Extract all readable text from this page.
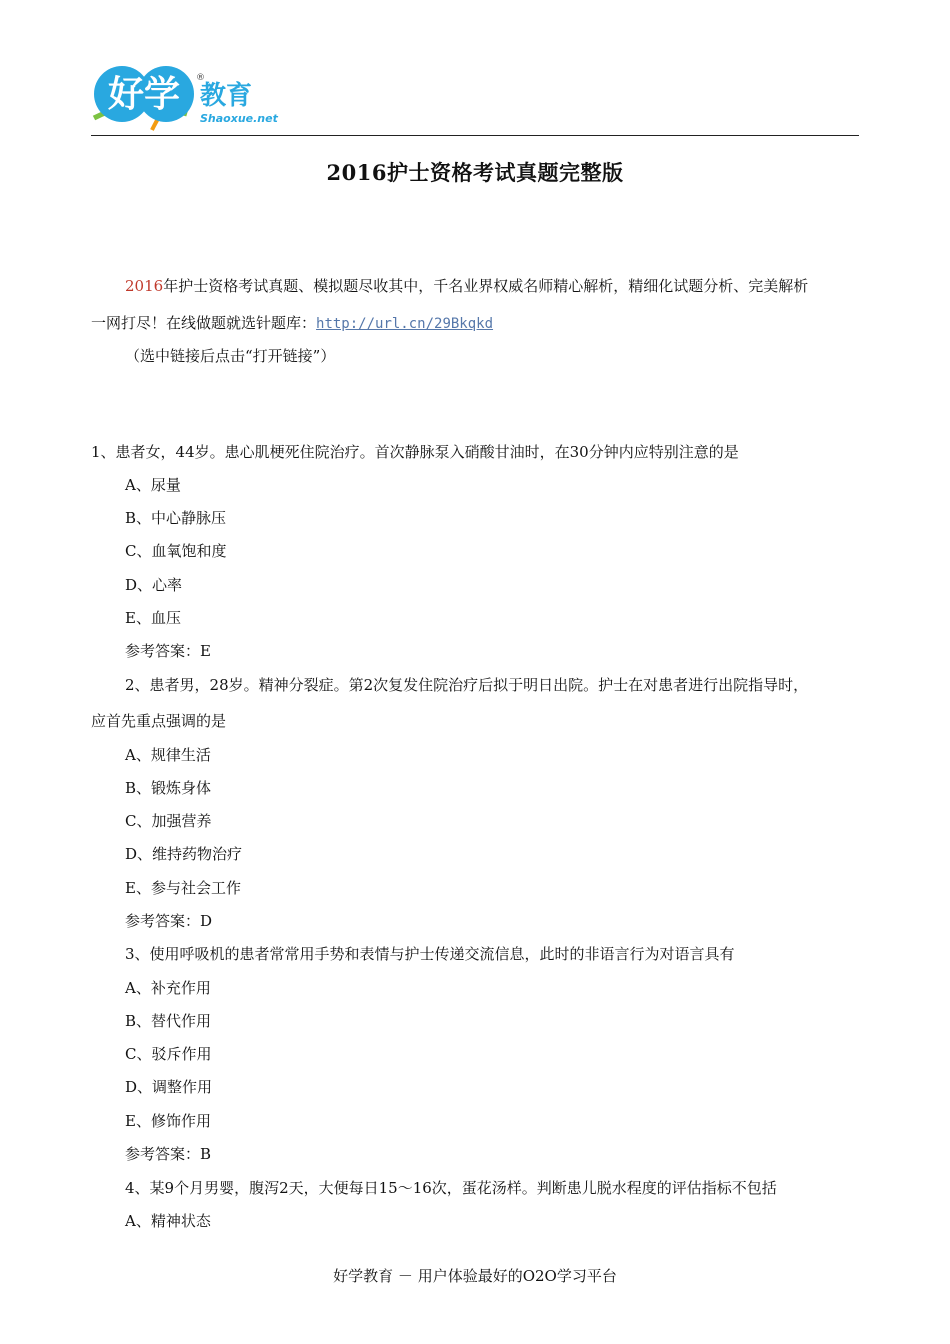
好学 ®
教育
Shaoxue.net
2016护士资格考试真题完整版
2016年护士资格考试真题、模拟题尽收其中，千名业界权威名师精心解析，精细化试题分析、完美解析
一网打尽！在线做题就选针题库：http://url.cn/29Bkqkd
（选中链接后点击“打开链接”）
1、患者女，44岁。患心肌梗死住院治疗。首次静脉泵入硝酸甘油时，在30分钟内应特别注意的是
A、尿量
B、中心静脉压
C、血氧饱和度
D、心率
E、血压
参考答案：E
2、患者男，28岁。精神分裂症。第2次复发住院治疗后拟于明日出院。护士在对患者进行出院指导时，
应首先重点强调的是
A、规律生活
B、锻炼身体
C、加强营养
D、维持药物治疗
E、参与社会工作
参考答案：D
3、使用呼吸机的患者常常用手势和表情与护士传递交流信息，此时的非语言行为对语言具有
A、补充作用
B、替代作用
C、驳斥作用
D、调整作用
E、修饰作用
参考答案：B
4、某9个月男婴，腹泻2天，大便每日15～16次，蛋花汤样。判断患儿脱水程度的评估指标不包括
A、精神状态
好学教育 － 用户体验最好的O2O学习平台
